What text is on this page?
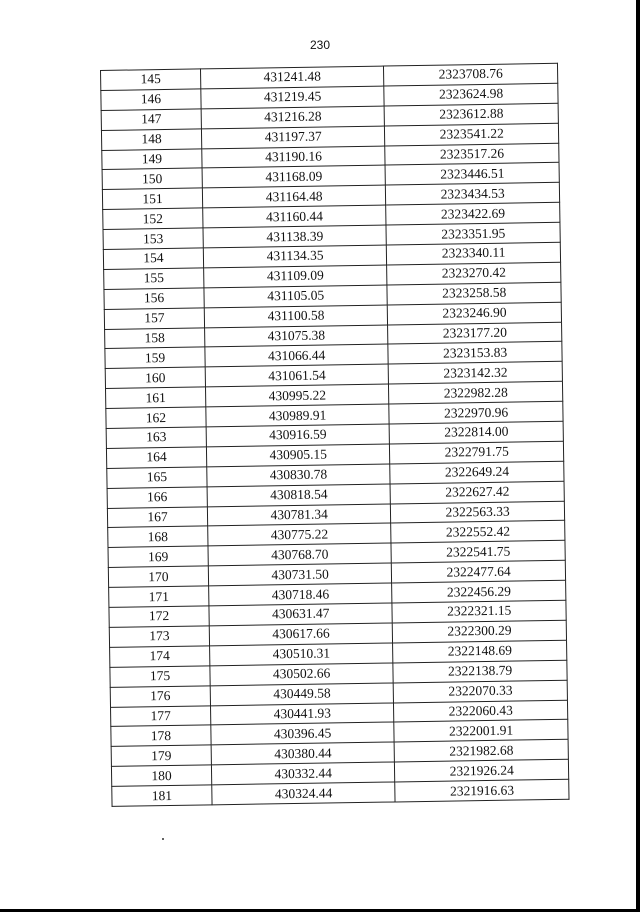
230
145	431241.48	2323708.76
146	431219.45	2323624.98
147	431216.28	2323612.88
148	431197.37	2323541.22
149	431190.16	2323517.26
150	431168.09	2323446.51
151	431164.48	2323434.53
152	431160.44	2323422.69
153	431138.39	2323351.95
154	431134.35	2323340.11
155	431109.09	2323270.42
156	431105.05	2323258.58
157	431100.58	2323246.90
158	431075.38	2323177.20
159	431066.44	2323153.83
160	431061.54	2323142.32
161	430995.22	2322982.28
162	430989.91	2322970.96
163	430916.59	2322814.00
164	430905.15	2322791.75
165	430830.78	2322649.24
166	430818.54	2322627.42
167	430781.34	2322563.33
168	430775.22	2322552.42
169	430768.70	2322541.75
170	430731.50	2322477.64
171	430718.46	2322456.29
172	430631.47	2322321.15
173	430617.66	2322300.29
174	430510.31	2322148.69
175	430502.66	2322138.79
176	430449.58	2322070.33
177	430441.93	2322060.43
178	430396.45	2322001.91
179	430380.44	2321982.68
180	430332.44	2321926.24
181	430324.44	2321916.63
